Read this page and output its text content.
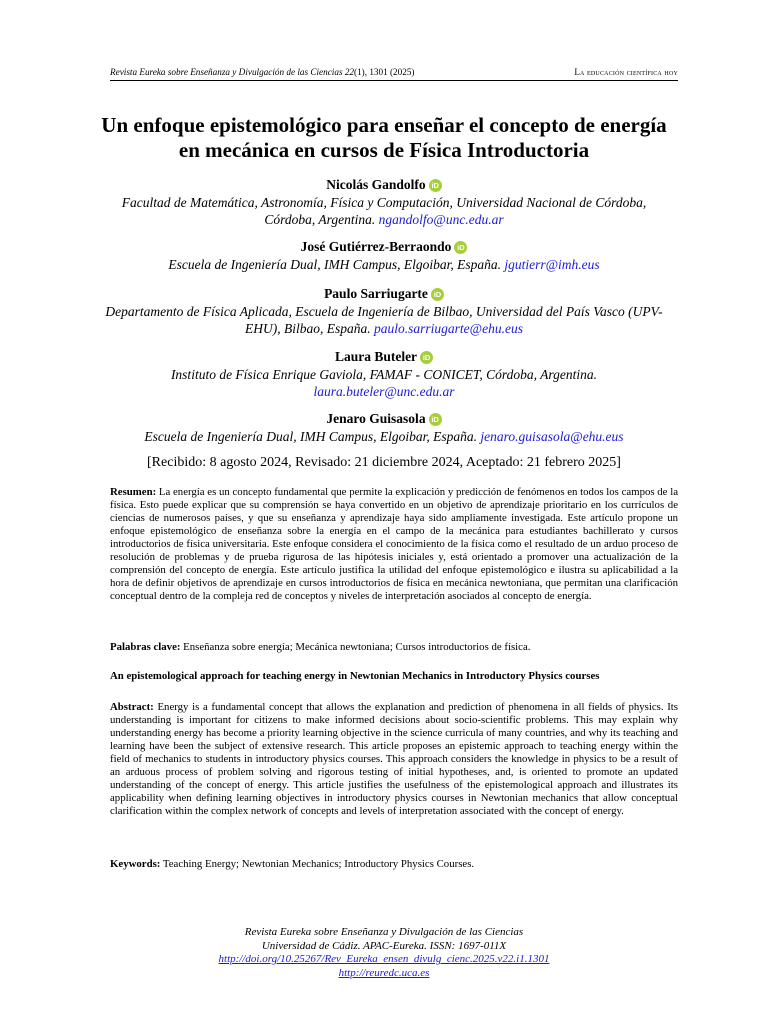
Revista Eureka sobre Enseñanza y Divulgación de las Ciencias 22(1), 1301 (2025)	La educación científica hoy
Un enfoque epistemológico para enseñar el concepto de energía en mecánica en cursos de Física Introductoria
Nicolás Gandolfo iD
Facultad de Matemática, Astronomía, Física y Computación, Universidad Nacional de Córdoba, Córdoba, Argentina. ngandolfo@unc.edu.ar
José Gutiérrez-Berraondo iD
Escuela de Ingeniería Dual, IMH Campus, Elgoibar, España. jgutierr@imh.eus
Paulo Sarriugarte iD
Departamento de Física Aplicada, Escuela de Ingeniería de Bilbao, Universidad del País Vasco (UPV-EHU), Bilbao, España. paulo.sarriugarte@ehu.eus
Laura Buteler iD
Instituto de Física Enrique Gaviola, FAMAF - CONICET, Córdoba, Argentina.
laura.buteler@unc.edu.ar
Jenaro Guisasola iD
Escuela de Ingeniería Dual, IMH Campus, Elgoibar, España. jenaro.guisasola@ehu.eus
[Recibido: 8 agosto 2024, Revisado: 21 diciembre 2024, Aceptado: 21 febrero 2025]
Resumen: La energía es un concepto fundamental que permite la explicación y predicción de fenómenos en todos los campos de la física. Esto puede explicar que su comprensión se haya convertido en un objetivo de aprendizaje prioritario en los currículos de ciencias de numerosos países, y que su enseñanza y aprendizaje haya sido ampliamente investigada. Este artículo propone un enfoque epistemológico de enseñanza sobre la energía en el campo de la mecánica para estudiantes bachillerato y cursos introductorios de física universitaria. Este enfoque considera el conocimiento de la física como el resultado de un arduo proceso de resolución de problemas y de prueba rigurosa de las hipótesis iniciales y, está orientado a promover una actualización de la comprensión del concepto de energía. Este artículo justifica la utilidad del enfoque epistemológico e ilustra su aplicabilidad a la hora de definir objetivos de aprendizaje en cursos introductorios de física en mecánica newtoniana, que permitan una clarificación conceptual dentro de la compleja red de conceptos y niveles de interpretación asociados al concepto de energía.
Palabras clave: Enseñanza sobre energía; Mecánica newtoniana; Cursos introductorios de física.
An epistemological approach for teaching energy in Newtonian Mechanics in Introductory Physics courses
Abstract: Energy is a fundamental concept that allows the explanation and prediction of phenomena in all fields of physics. Its understanding is important for citizens to make informed decisions about socio-scientific problems. This may explain why understanding energy has become a priority learning objective in the science curricula of many countries, and why its teaching and learning have been the subject of extensive research. This article proposes an epistemic approach to teaching energy within the field of mechanics to students in introductory physics courses. This approach considers the knowledge in physics to be a result of an arduous process of problem solving and rigorous testing of initial hypotheses, and, is oriented to promote an updated understanding of the concept of energy. This article justifies the usefulness of the epistemological approach and illustrates its applicability when defining learning objectives in introductory physics courses in Newtonian mechanics that allow conceptual clarification within the complex network of concepts and levels of interpretation associated with the concept of energy.
Keywords: Teaching Energy; Newtonian Mechanics; Introductory Physics Courses.
Revista Eureka sobre Enseñanza y Divulgación de las Ciencias
Universidad de Cádiz. APAC-Eureka. ISSN: 1697-011X
http://doi.org/10.25267/Rev_Eureka_ensen_divulg_cienc.2025.v22.i1.1301
http://reuredc.uca.es
